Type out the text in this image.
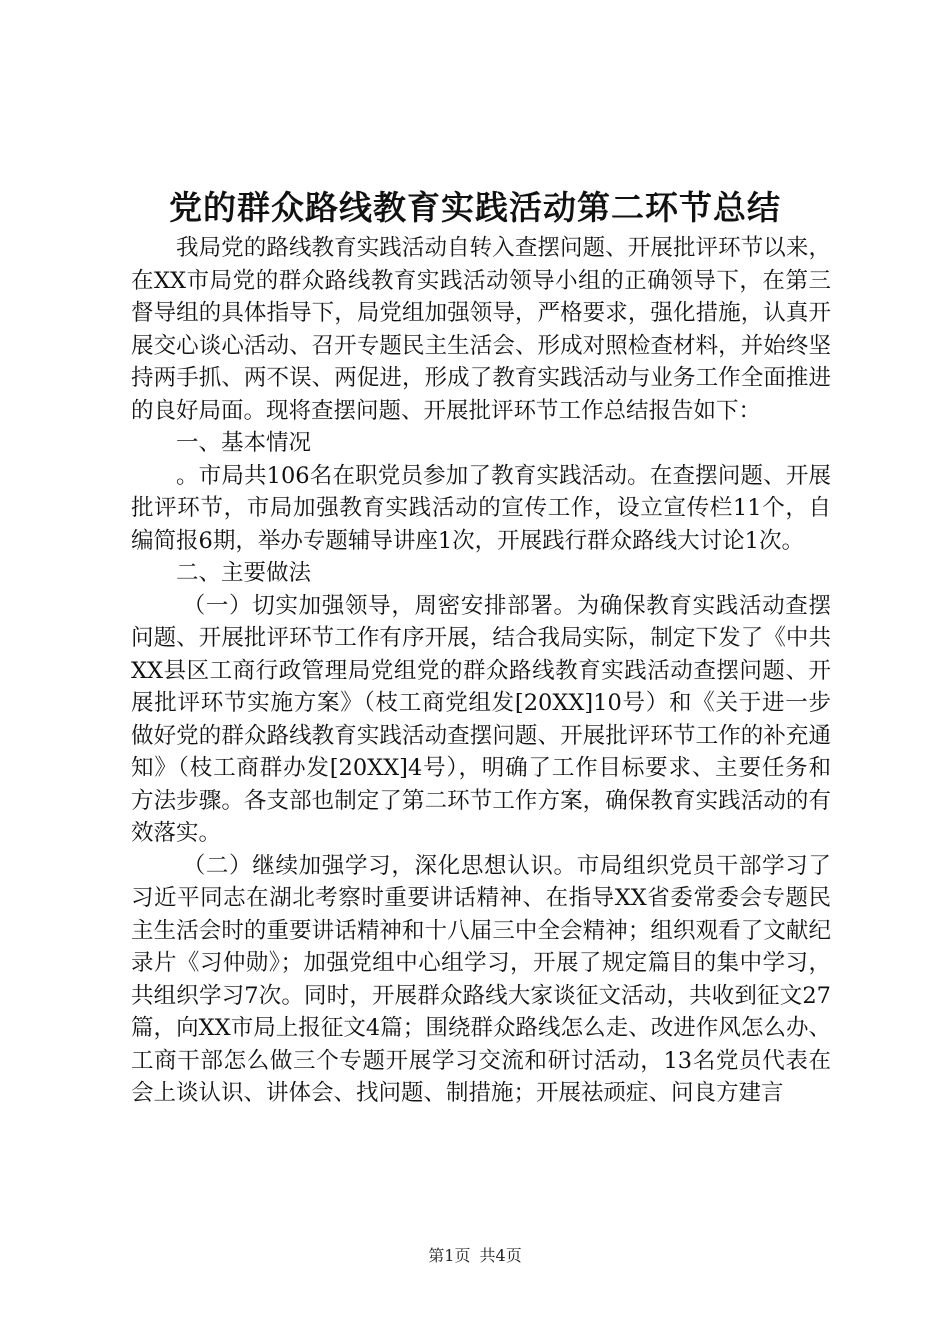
党的群众路线教育实践活动第二环节总结

我局党的路线教育实践活动自转入查摆问题、开展批评环节以来，在XX市局党的群众路线教育实践活动领导小组的正确领导下，在第三督导组的具体指导下，局党组加强领导，严格要求，强化措施，认真开展交心谈心活动、召开专题民主生活会、形成对照检查材料，并始终坚持两手抓、两不误、两促进，形成了教育实践活动与业务工作全面推进的良好局面。现将查摆问题、开展批评环节工作总结报告如下：

一、基本情况

。市局共106名在职党员参加了教育实践活动。在查摆问题、开展批评环节，市局加强教育实践活动的宣传工作，设立宣传栏11个，自编简报6期，举办专题辅导讲座1次，开展践行群众路线大讨论1次。

二、主要做法

（一）切实加强领导，周密安排部署。为确保教育实践活动查摆问题、开展批评环节工作有序开展，结合我局实际，制定下发了《中共XX县区工商行政管理局党组党的群众路线教育实践活动查摆问题、开展批评环节实施方案》（枝工商党组发[20XX]10号）和《关于进一步做好党的群众路线教育实践活动查摆问题、开展批评环节工作的补充通知》（枝工商群办发[20XX]4号），明确了工作目标要求、主要任务和方法步骤。各支部也制定了第二环节工作方案，确保教育实践活动的有效落实。

（二）继续加强学习，深化思想认识。市局组织党员干部学习了习近平同志在湖北考察时重要讲话精神、在指导XX省委常委会专题民主生活会时的重要讲话精神和十八届三中全会精神；组织观看了文献纪录片《习仲勋》；加强党组中心组学习，开展了规定篇目的集中学习，共组织学习7次。同时，开展群众路线大家谈征文活动，共收到征文27篇，向XX市局上报征文4篇；围绕群众路线怎么走、改进作风怎么办、工商干部怎么做三个专题开展学习交流和研讨活动，13名党员代表在会上谈认识、讲体会、找问题、制措施；开展祛顽症、问良方建言

第1页 共4页
